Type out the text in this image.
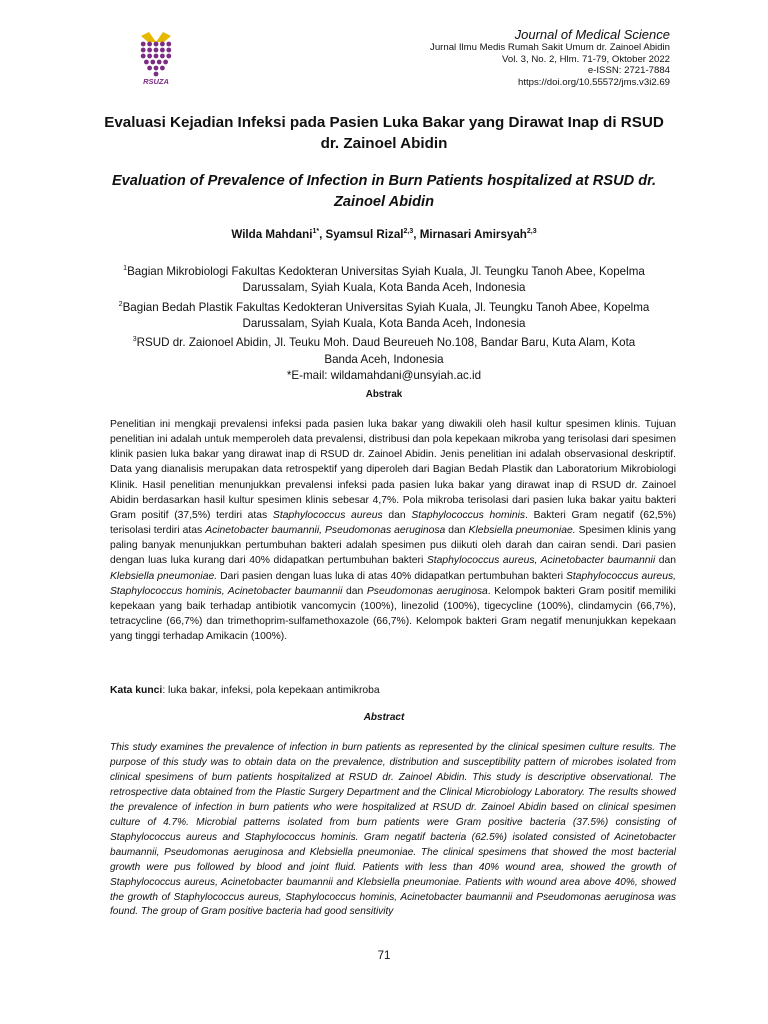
RSUZA
Journal of Medical Science
Jurnal Ilmu Medis Rumah Sakit Umum dr. Zainoel Abidin
Vol. 3, No. 2, Hlm. 71-79, Oktober 2022
e-ISSN: 2721-7884
https://doi.org/10.55572/jms.v3i2.69
Evaluasi Kejadian Infeksi pada Pasien Luka Bakar yang Dirawat Inap di RSUD dr. Zainoel Abidin
Evaluation of Prevalence of Infection in Burn Patients hospitalized at RSUD dr. Zainoel Abidin
Wilda Mahdani$^{1*}$, Syamsul Rizal$^{2,3}$, Mirnasari Amirsyah$^{2,3}$
$^1$Bagian Mikrobiologi Fakultas Kedokteran Universitas Syiah Kuala, Jl. Teungku Tanoh Abee, Kopelma Darussalam, Syiah Kuala, Kota Banda Aceh, Indonesia
$^2$Bagian Bedah Plastik Fakultas Kedokteran Universitas Syiah Kuala, Jl. Teungku Tanoh Abee, Kopelma Darussalam, Syiah Kuala, Kota Banda Aceh, Indonesia
$^3$RSUD dr. Zaionoel Abidin, Jl. Teuku Moh. Daud Beureueh No.108, Bandar Baru, Kuta Alam, Kota Banda Aceh, Indonesia
*E-mail: wildamahdani@unsyiah.ac.id
Abstrak

Penelitian ini mengkaji prevalensi infeksi pada pasien luka bakar yang diwakili oleh hasil kultur spesimen klinis. Tujuan penelitian ini adalah untuk memperoleh data prevalensi, distribusi dan pola kepekaan mikroba yang terisolasi dari spesimen klinik pasien luka bakar yang dirawat inap di RSUD dr. Zainoel Abidin. Jenis penelitian ini adalah observasional deskriptif. Data yang dianalisis merupakan data retrospektif yang diperoleh dari Bagian Bedah Plastik dan Laboratorium Mikrobiologi Klinik. Hasil penelitian menunjukkan prevalensi infeksi pada pasien luka bakar yang dirawat inap di RSUD dr. Zainoel Abidin berdasarkan hasil kultur spesimen klinis sebesar 4,7%. Pola mikroba terisolasi dari pasien luka bakar yaitu bakteri Gram positif (37,5%) terdiri atas Staphylococcus aureus dan Staphylococcus hominis. Bakteri Gram negatif (62,5%) terisolasi terdiri atas Acinetobacter baumannii, Pseudomonas aeruginosa dan Klebsiella pneumoniae. Spesimen klinis yang paling banyak menunjukkan pertumbuhan bakteri adalah spesimen pus diikuti oleh darah dan cairan sendi. Dari pasien dengan luas luka kurang dari 40% didapatkan pertumbuhan bakteri Staphylococcus aureus, Acinetobacter baumannii dan Klebsiella pneumoniae. Dari pasien dengan luas luka di atas 40% didapatkan pertumbuhan bakteri Staphylococcus aureus, Staphylococcus hominis, Acinetobacter baumannii dan Pseudomonas aeruginosa. Kelompok bakteri Gram positif memiliki kepekaan yang baik terhadap antibiotik vancomycin (100%), linezolid (100%), tigecycline (100%), clindamycin (66,7%), tetracycline (66,7%) dan trimethoprim-sulfamethoxazole (66,7%). Kelompok bakteri Gram negatif menunjukkan kepekaan yang tinggi terhadap Amikacin (100%).

Kata kunci: luka bakar, infeksi, pola kepekaan antimikroba
Abstract

This study examines the prevalence of infection in burn patients as represented by the clinical spesimen culture results. The purpose of this study was to obtain data on the prevalence, distribution and susceptibility pattern of microbes isolated from clinical spesimens of burn patients hospitalized at RSUD dr. Zainoel Abidin. This study is descriptive observational. The retrospective data obtained from the Plastic Surgery Department and the Clinical Microbiology Laboratory. The results showed the prevalence of infection in burn patients who were hospitalized at RSUD dr. Zainoel Abidin based on clinical spesimen culture of 4.7%. Microbial patterns isolated from burn patients were Gram positive bacteria (37.5%) consisting of Staphylococcus aureus and Staphylococcus hominis. Gram negatif bacteria (62.5%) isolated consisted of Acinetobacter baumannii, Pseudomonas aeruginosa and Klebsiella pneumoniae. The clinical spesimens that showed the most bacterial growth were pus followed by blood and joint fluid. Patients with less than 40% wound area, showed the growth of Staphylococcus aureus, Acinetobacter baumannii and Klebsiella pneumoniae. Patients with wound area above 40%, showed the growth of Staphylococcus aureus, Staphylococcus hominis, Acinetobacter baumannii and Pseudomonas aeruginosa was found. The group of Gram positive bacteria had good sensitivity

71
